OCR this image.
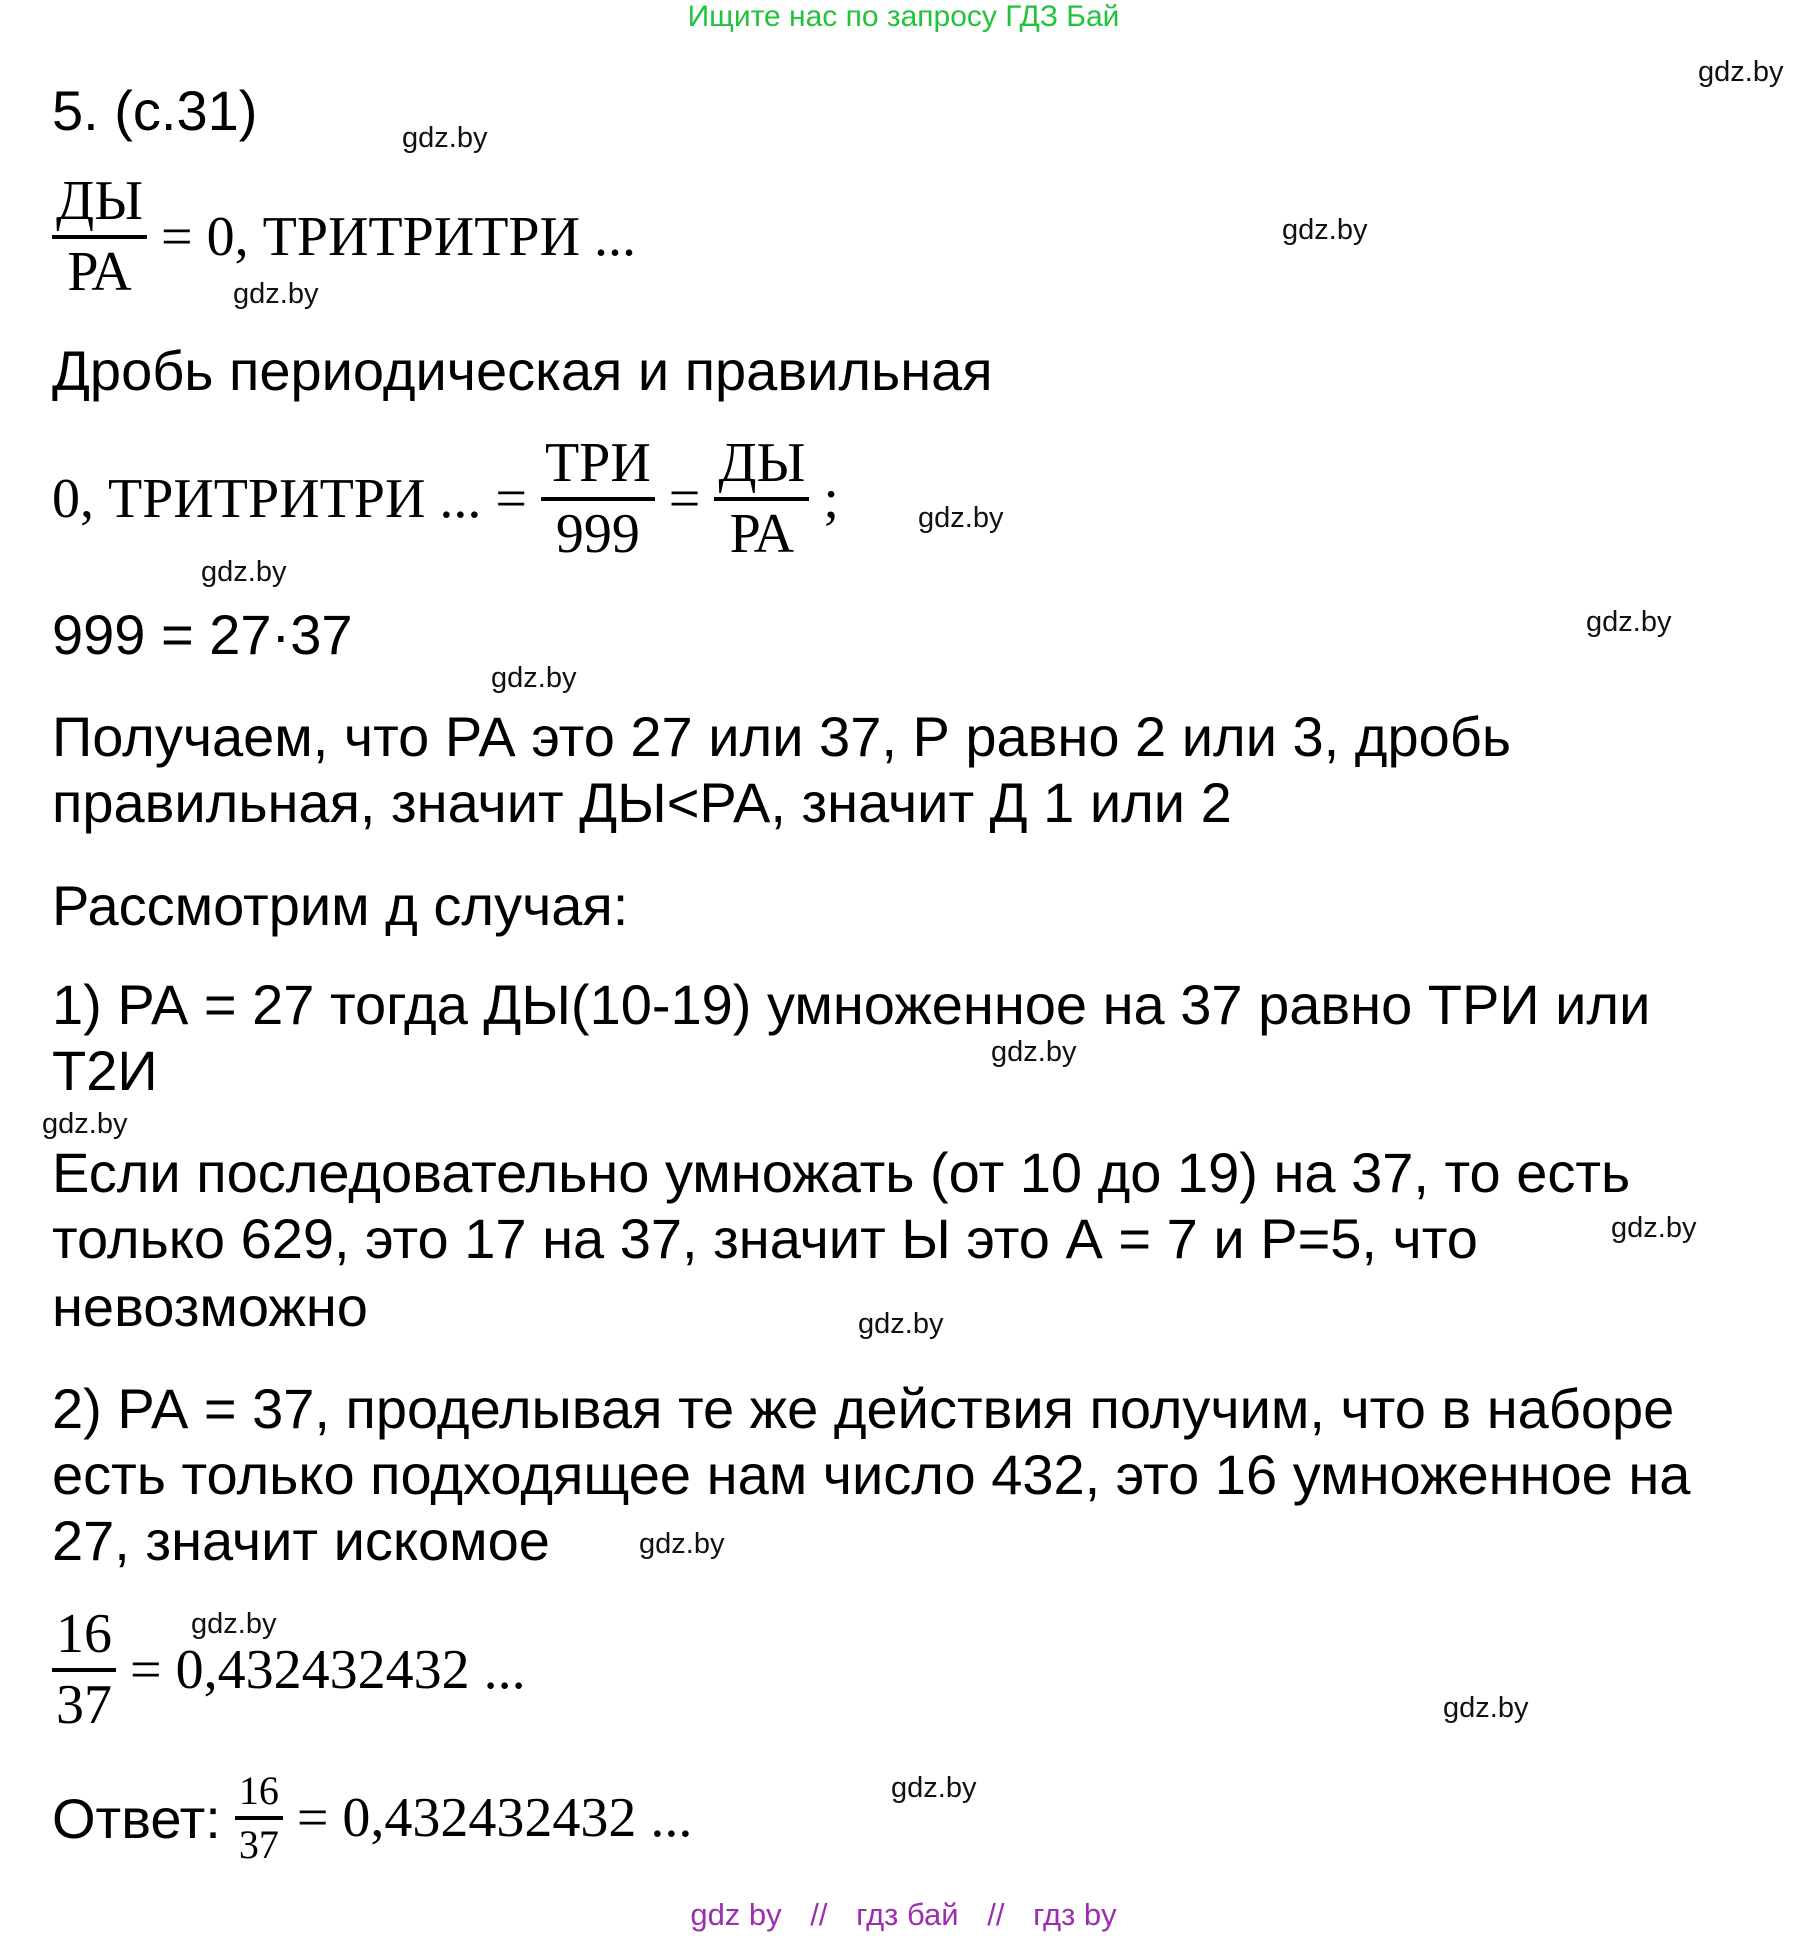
Ищите нас по запросу ГДЗ Бай
5. (с.31)
$\frac{ДЫ}{РА} = 0$, ТРИТРИТРИ ...
Дробь периодическая и правильная
0, ТРИТРИТРИ ... = $\frac{\text{ТРИ}}{999} = \frac{ДЫ}{РА}$ ;
999 = 27·37
Получаем, что РА это 27 или 37, Р равно 2 или 3, дробь
правильная, значит ДЫ<РА, значит Д 1 или 2
Рассмотрим д случая:
1) РА = 27 тогда ДЫ(10-19) умноженное на 37 равно ТРИ или
Т2И
Если последовательно умножать (от 10 до 19) на 37, то есть
только 629, это 17 на 37, значит Ы это А = 7 и Р=5, что
невозможно
2) РА = 37, проделывая те же действия получим, что в наборе
есть только подходящее нам число 432, это 16 умноженное на
27, значит искомое
$\frac{16}{37} = 0,432432432$ ...
Ответ: $\frac{16}{37} = 0,432432432$ ...
gdz.by
gdz.by
gdz.by
gdz.by
gdz.by
gdz.by
gdz.by
gdz.by
gdz.by
gdz.by
gdz.by
gdz.by
gdz.by
gdz.by
gdz.by
gdz.by
gdz by // гдз бай // гдз by
